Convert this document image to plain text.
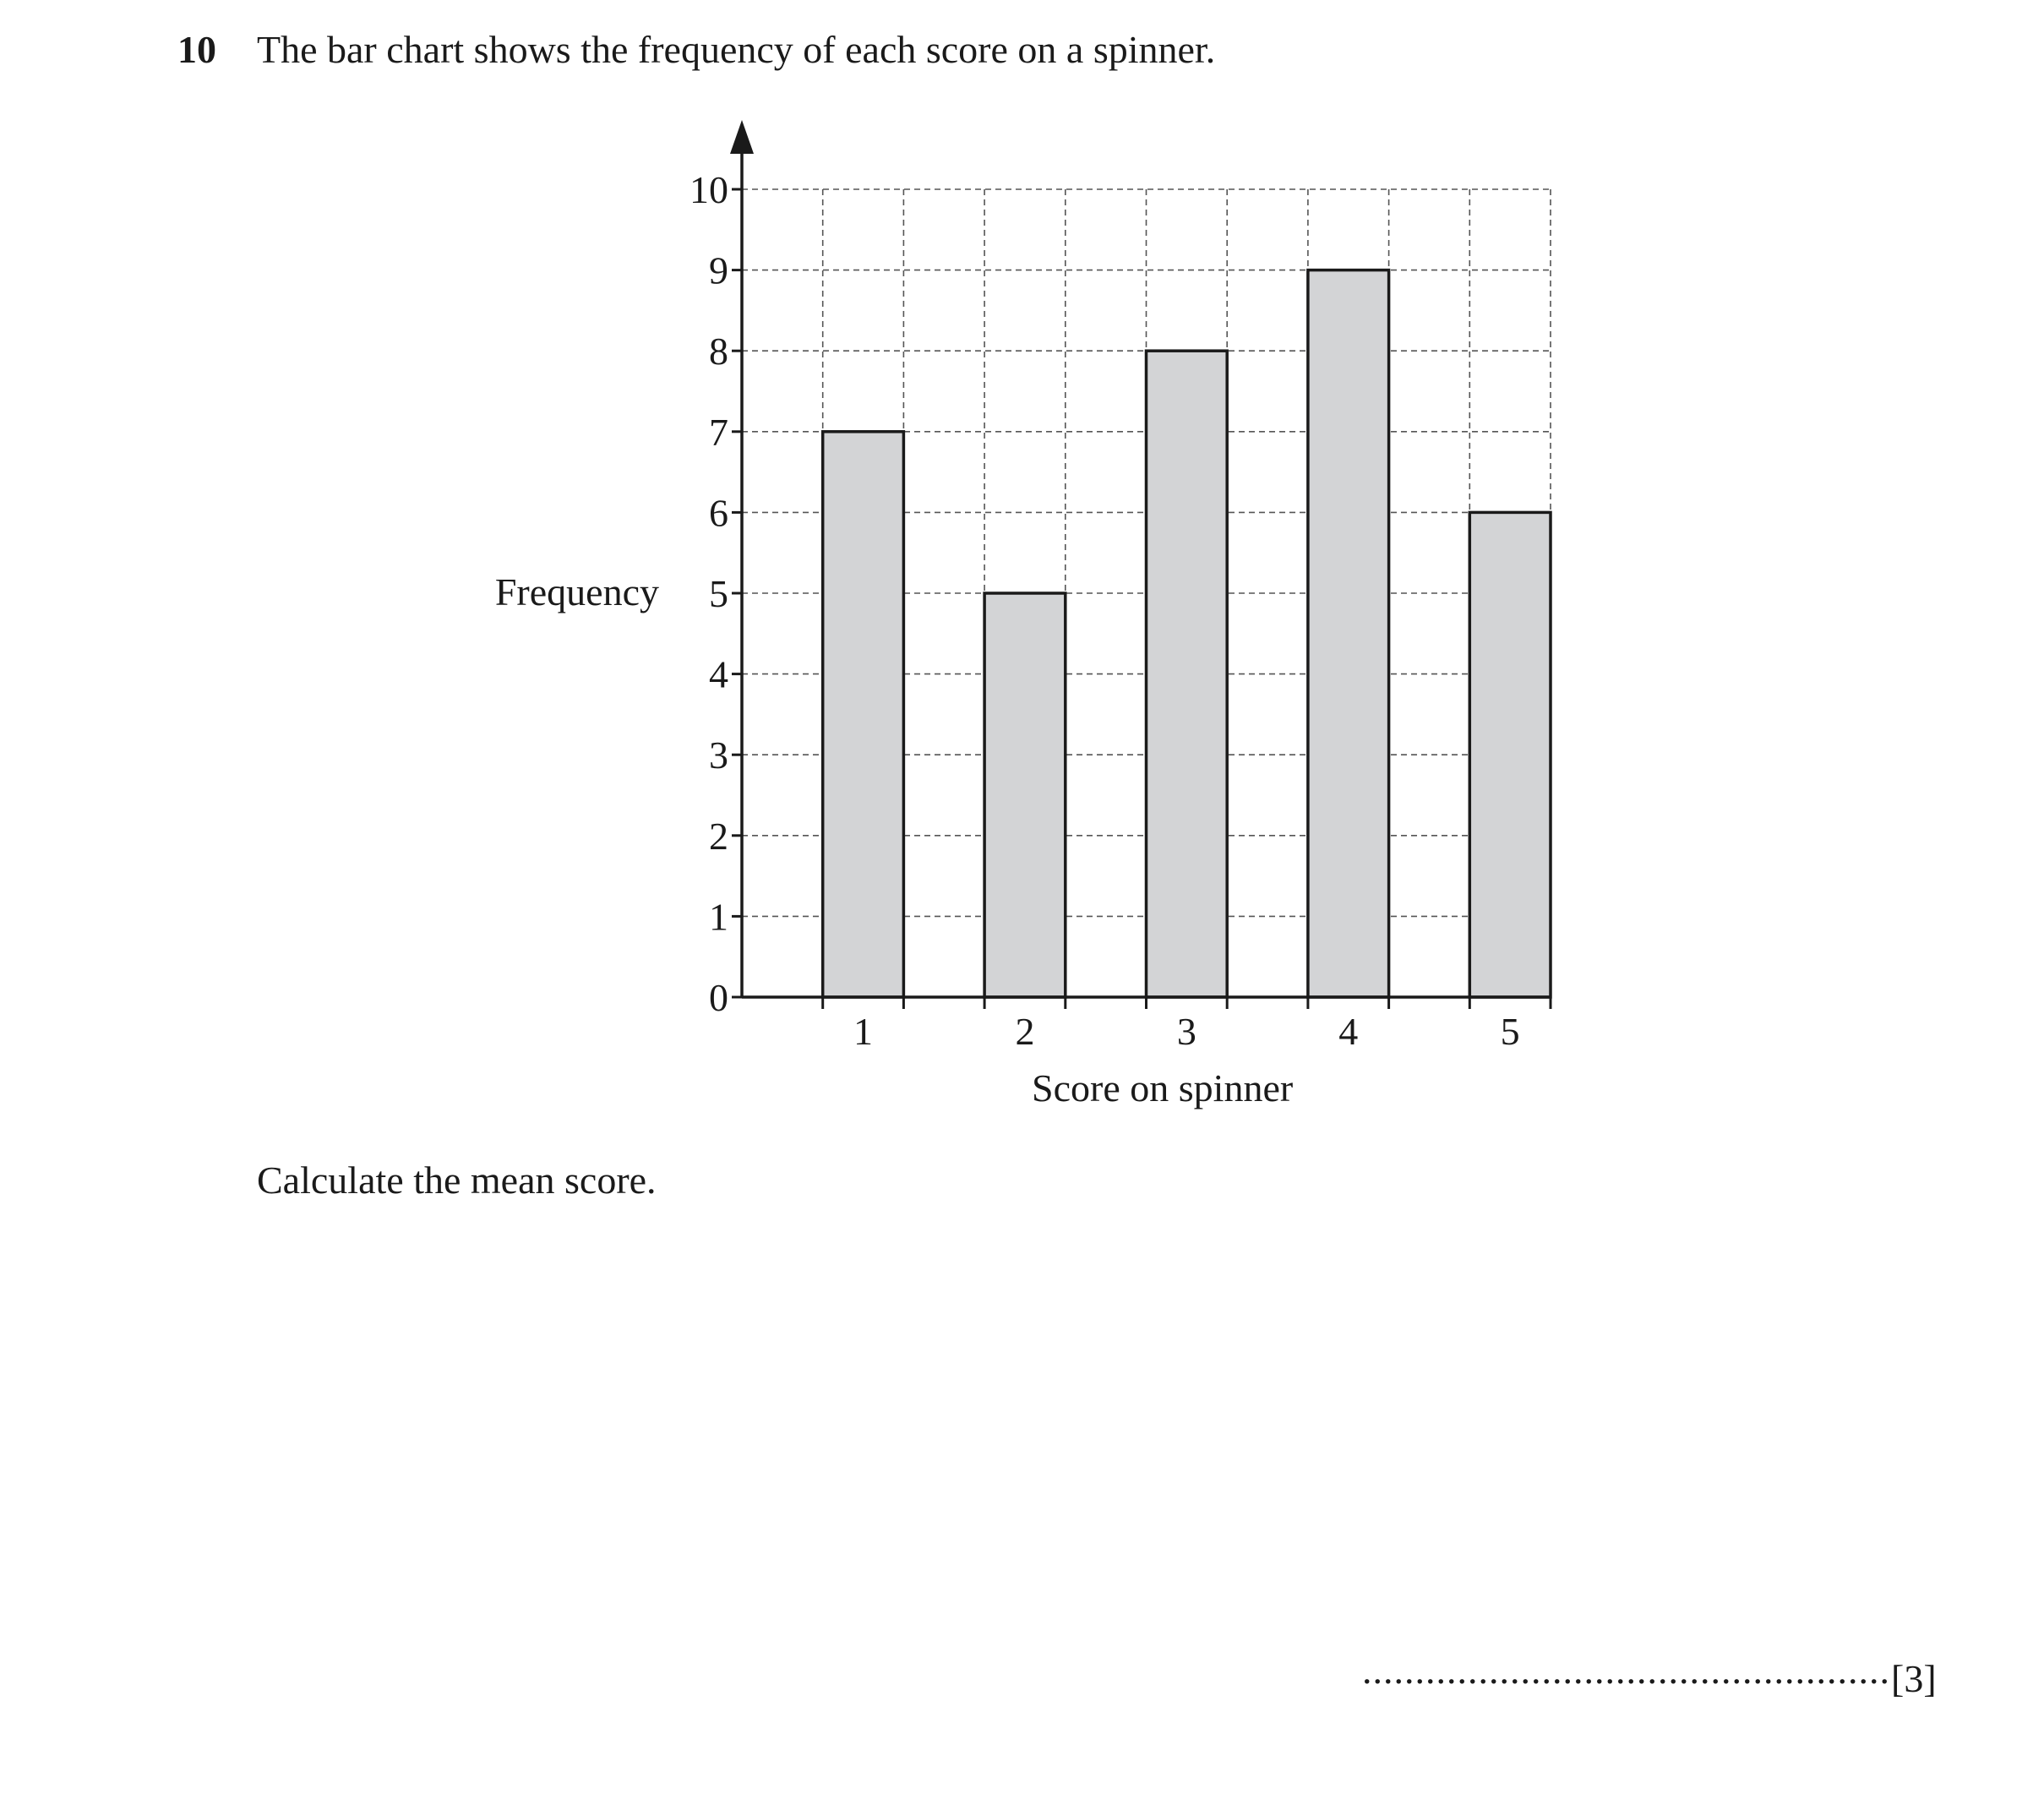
10 The bar chart shows the frequency of each score on a spinner.
0
1
2
3
4
5
6
7
8
9
10
1	2	3	4	5
Score on spinner
Frequency
Calculate the mean score.
.................................................. [3]
